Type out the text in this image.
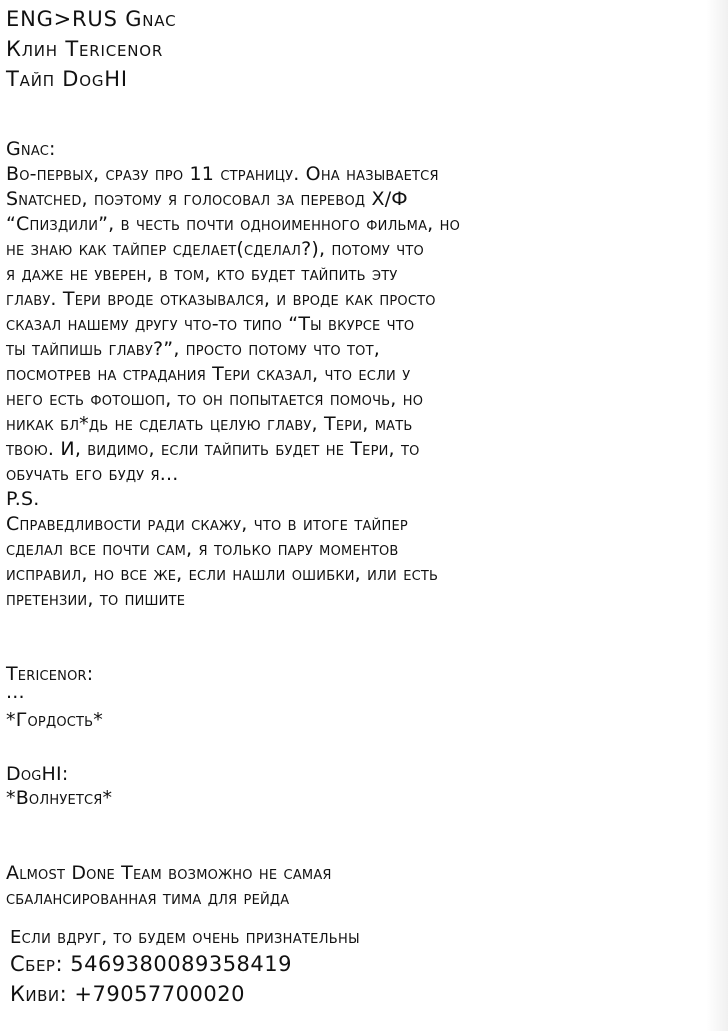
ENG>RUS Gnac
Клин Tericenor
Тайп DogHI
Gnac:
Во-первых, сразу про 11 страницу. Она называется
Snatched, поэтому я голосовал за перевод Х/Ф
“Спиздили”, в честь почти одноименного фильма, но
не знаю как тайпер сделает(сделал?), потому что
я даже не уверен, в том, кто будет тайпить эту
главу. Тери вроде отказывался, и вроде как просто
сказал нашему другу что-то типо “Ты вкурсе что
ты тайпишь главу?”, просто потому что тот,
посмотрев на страдания Тери сказал, что если у
него есть фотошоп, то он попытается помочь, но
никак бл*дь не сделать целую главу, Тери, мать
твою. И, видимо, если тайпить будет не Тери, то
обучать его буду я...
P.S.
Справедливости ради скажу, что в итоге тайпер
сделал все почти сам, я только пару моментов
исправил, но все же, если нашли ошибки, или есть
претензии, то пишите
Tericenor:
...
*Гордость*
DogHI:
*Волнуется*
Almost Done Team возможно не самая
сбалансированная тима для рейда
Если вдруг, то будем очень признательны
Сбер: 5469380089358419
Киви: +79057700020
